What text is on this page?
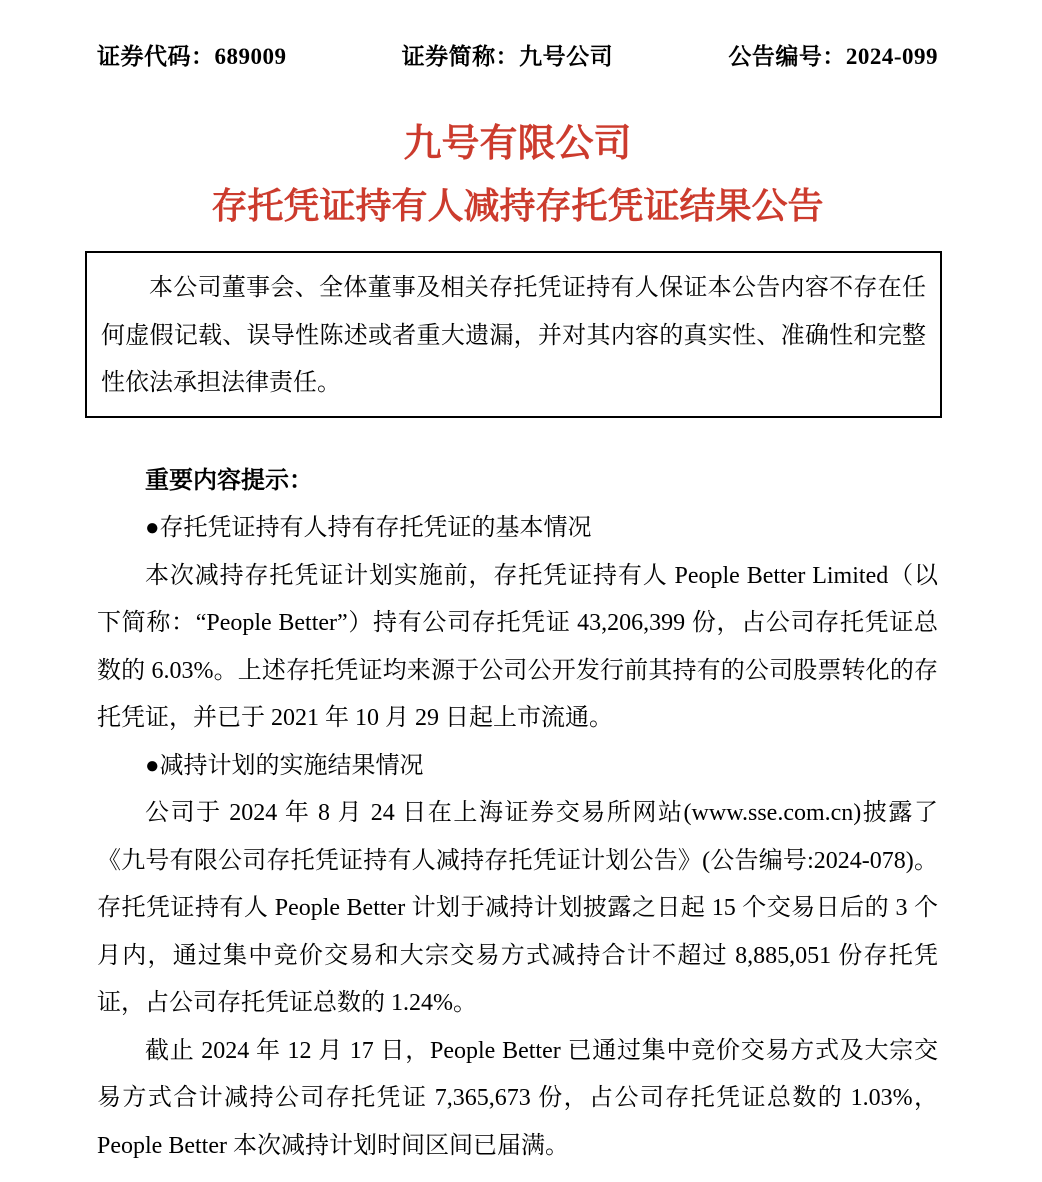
证券代码：689009	证券简称：九号公司	公告编号：2024-099
九号有限公司
存托凭证持有人减持存托凭证结果公告

本公司董事会、全体董事及相关存托凭证持有人保证本公告内容不存在任何虚假记载、误导性陈述或者重大遗漏，并对其内容的真实性、准确性和完整性依法承担法律责任。

重要内容提示：

●存托凭证持有人持有存托凭证的基本情况

本次减持存托凭证计划实施前，存托凭证持有人 People Better Limited（以下简称：“People Better”）持有公司存托凭证 43,206,399 份，占公司存托凭证总数的 6.03%。上述存托凭证均来源于公司公开发行前其持有的公司股票转化的存托凭证，并已于 2021 年 10 月 29 日起上市流通。

●减持计划的实施结果情况

公司于 2024 年 8 月 24 日在上海证券交易所网站(www.sse.com.cn)披露了《九号有限公司存托凭证持有人减持存托凭证计划公告》(公告编号:2024-078)。存托凭证持有人 People Better 计划于减持计划披露之日起 15 个交易日后的 3 个月内，通过集中竞价交易和大宗交易方式减持合计不超过 8,885,051 份存托凭证，占公司存托凭证总数的 1.24%。

截止 2024 年 12 月 17 日，People Better 已通过集中竞价交易方式及大宗交易方式合计减持公司存托凭证 7,365,673 份，占公司存托凭证总数的 1.03%，People Better 本次减持计划时间区间已届满。
